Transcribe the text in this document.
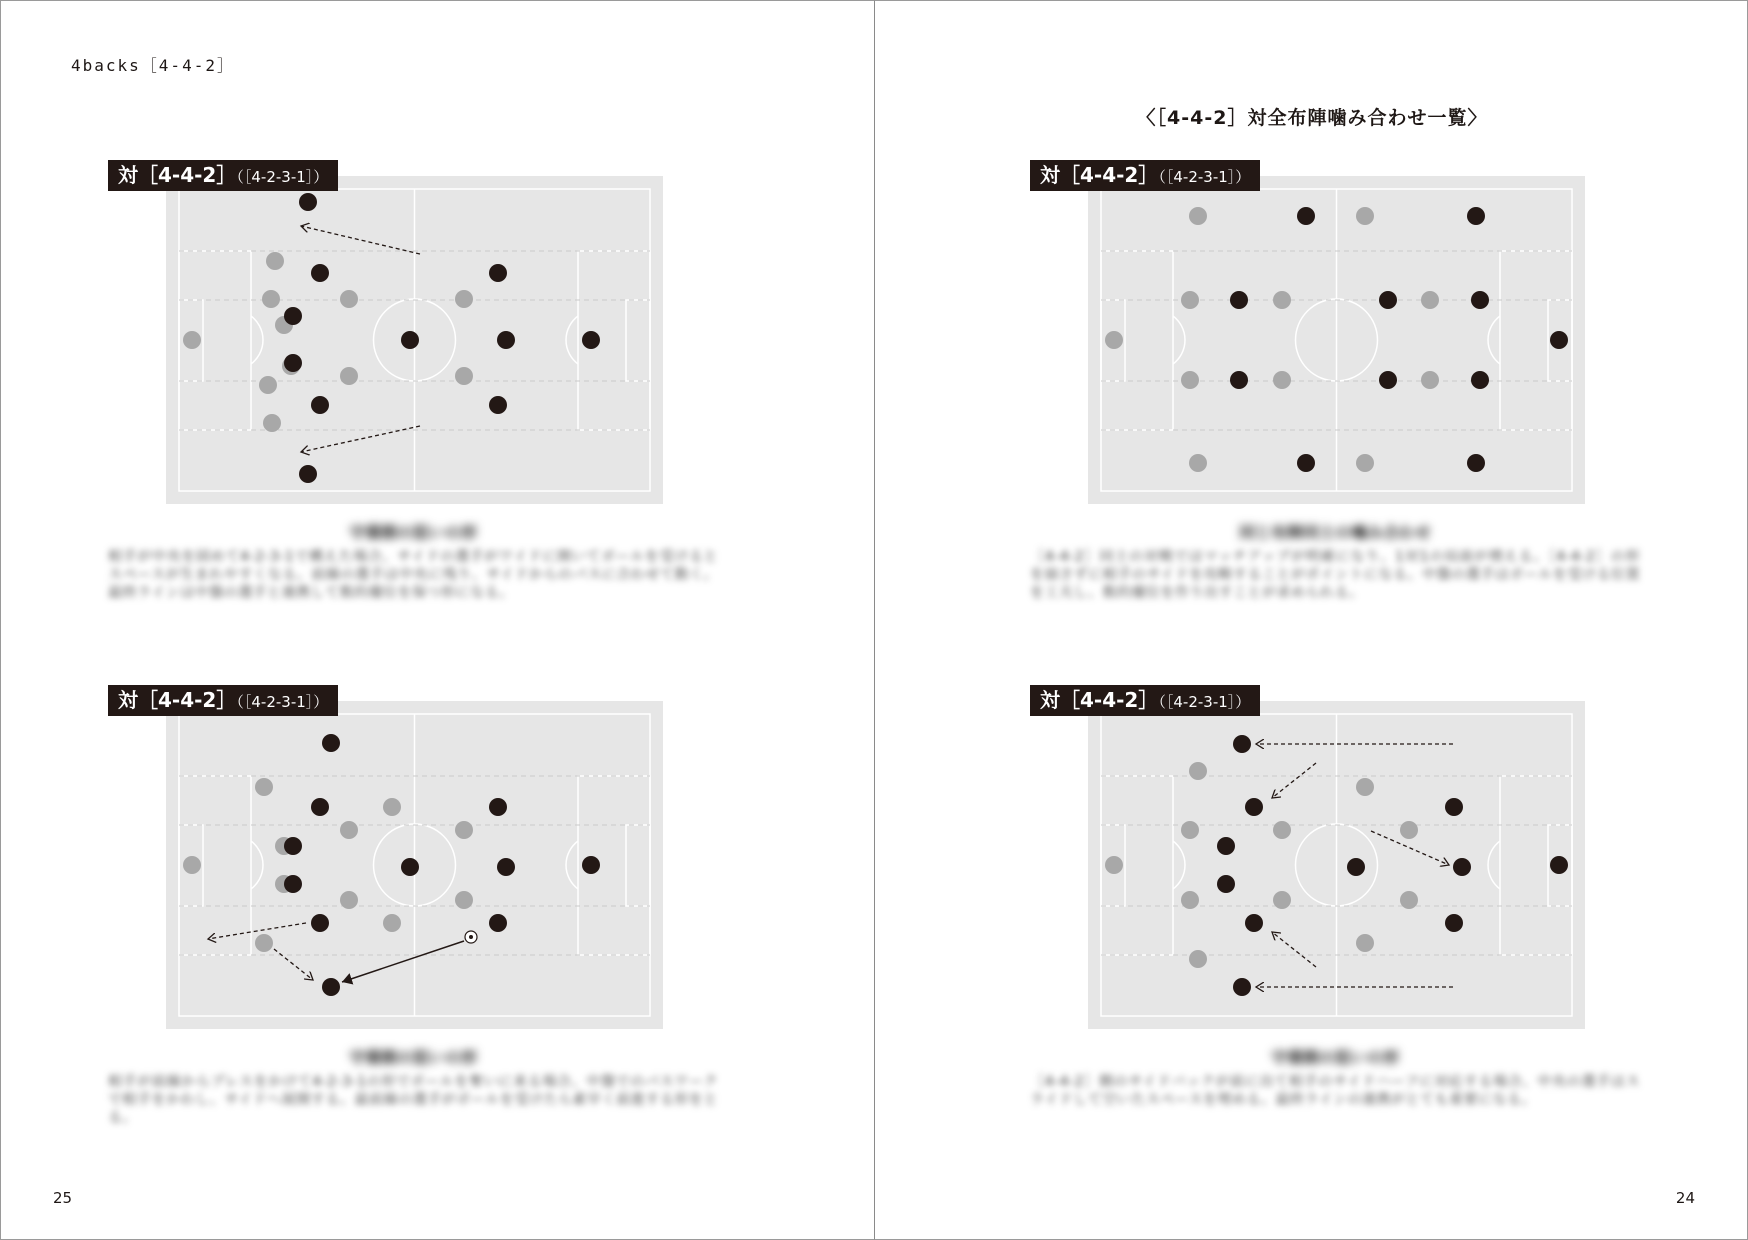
4backs［4-4-2］
対［4-4-2］（［4-2-3-1］）
守備側の狙いの形
相手が中央を固めて4-2-3-1で構えた場合、サイドの選手がワイドに開いてボールを受けるとスペースが生まれやすくなる。前線の選手は中央に残り、サイドからのパスに合わせて動く。最終ラインは中盤の選手と連携して数的優位を保つ形になる。
対［4-4-2］（［4-2-3-1］）
守備側の狙いの形
相手が前線からプレスをかけて4-2-3-1の形でボールを奪いに来る場合、中盤でのパスワークで相手をかわし、サイドへ展開する。最前線の選手がボールを受けたら素早く前進する形をとる。
25
〈［4-4-2］対全布陣噛み合わせ一覧〉
対［4-4-2］（［4-2-3-1］）
同じ布陣同士の噛み合わせ
［4-4-2］同士の対戦ではマッチアップが明確になり、1対1の局面が増える。［4-4-2］の形を崩さずに相手のサイドを攻略することがポイントになる。中盤の選手はボールを受ける位置を工夫し、数的優位を作り出すことが求められる。
対［4-4-2］（［4-2-3-1］）
守備側の狙いの形
［4-4-2］側のサイドバックが前に出て相手のサイドハーフに対応する場合、中央の選手はスライドして空いたスペースを埋める。最終ラインの連携がとても重要になる。
24
